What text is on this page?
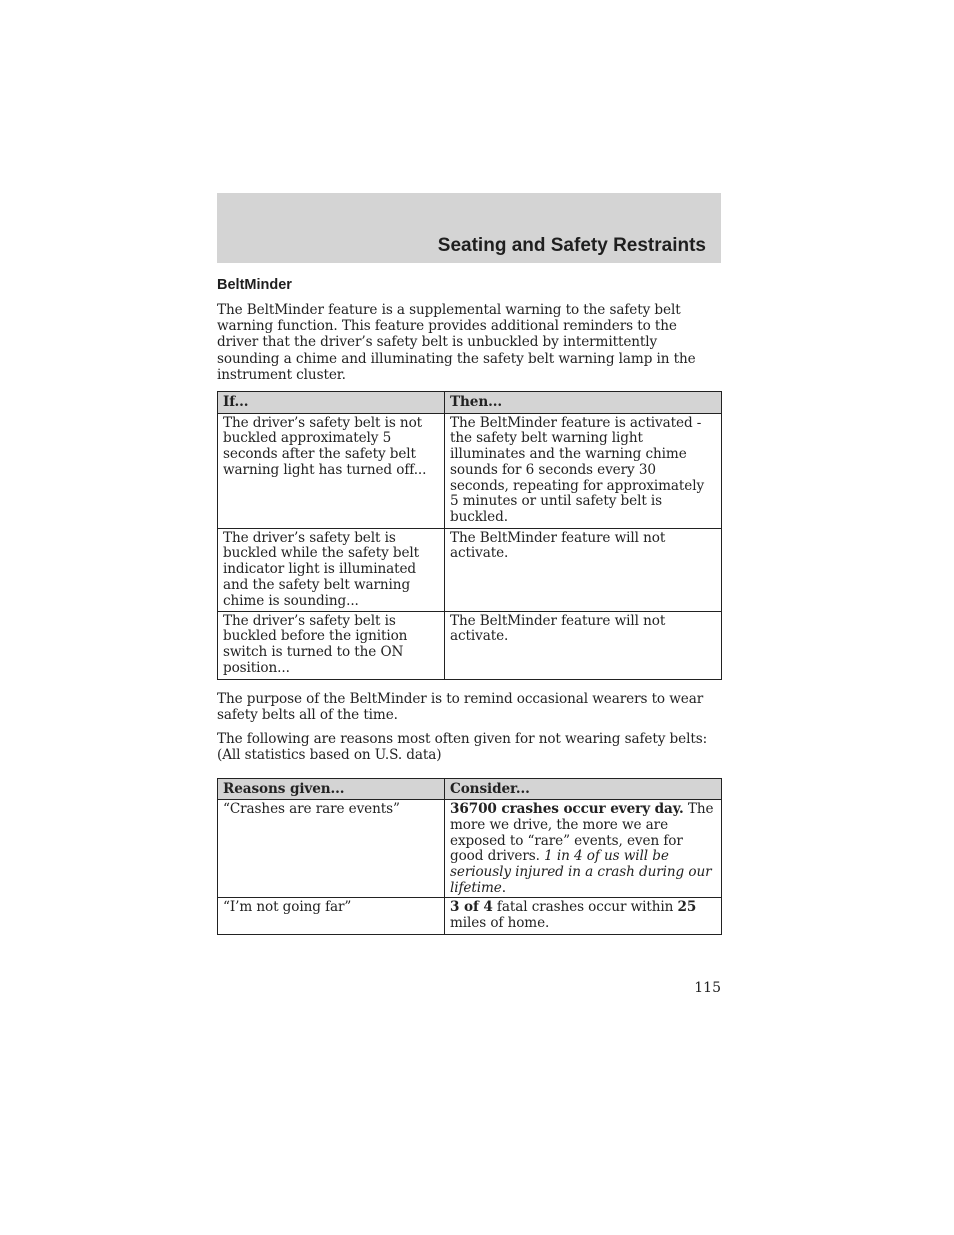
Seating and Safety Restraints
BeltMinder

The BeltMinder feature is a supplemental warning to the safety belt warning function. This feature provides additional reminders to the driver that the driver’s safety belt is unbuckled by intermittently sounding a chime and illuminating the safety belt warning lamp in the instrument cluster.

If...	Then...
The driver’s safety belt is not buckled approximately 5 seconds after the safety belt warning light has turned off...	The BeltMinder feature is activated - the safety belt warning light illuminates and the warning chime sounds for 6 seconds every 30 seconds, repeating for approximately 5 minutes or until safety belt is buckled.
The driver’s safety belt is buckled while the safety belt indicator light is illuminated and the safety belt warning chime is sounding...	The BeltMinder feature will not activate.
The driver’s safety belt is buckled before the ignition switch is turned to the ON position...	The BeltMinder feature will not activate.

The purpose of the BeltMinder is to remind occasional wearers to wear safety belts all of the time.

The following are reasons most often given for not wearing safety belts: (All statistics based on U.S. data)

Reasons given...	Consider...
“Crashes are rare events”	36700 crashes occur every day. The more we drive, the more we are exposed to “rare” events, even for good drivers. 1 in 4 of us will be seriously injured in a crash during our lifetime.
“I’m not going far”	3 of 4 fatal crashes occur within 25 miles of home.
115
